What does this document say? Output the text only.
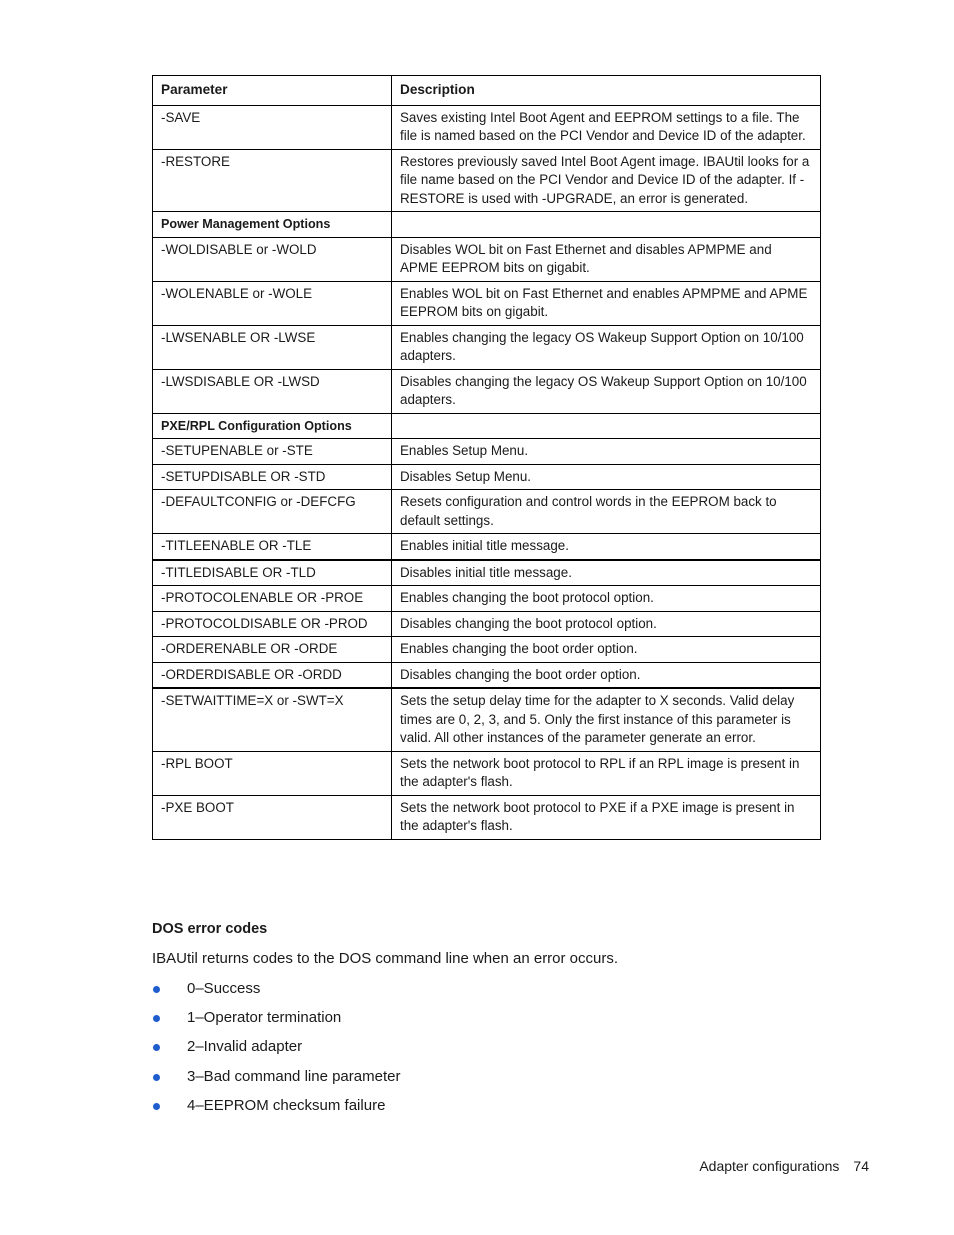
Parameter	Description
-SAVE	Saves existing Intel Boot Agent and EEPROM settings to a file. The file is named based on the PCI Vendor and Device ID of the adapter.
-RESTORE	Restores previously saved Intel Boot Agent image. IBAUtil looks for a file name based on the PCI Vendor and Device ID of the adapter. If -RESTORE is used with -UPGRADE, an error is generated.
Power Management Options	
-WOLDISABLE or -WOLD	Disables WOL bit on Fast Ethernet and disables APMPME and APME EEPROM bits on gigabit.
-WOLENABLE or -WOLE	Enables WOL bit on Fast Ethernet and enables APMPME and APME EEPROM bits on gigabit.
-LWSENABLE OR -LWSE	Enables changing the legacy OS Wakeup Support Option on 10/100 adapters.
-LWSDISABLE OR -LWSD	Disables changing the legacy OS Wakeup Support Option on 10/100 adapters.
PXE/RPL Configuration Options	
-SETUPENABLE or -STE	Enables Setup Menu.
-SETUPDISABLE OR -STD	Disables Setup Menu.
-DEFAULTCONFIG or -DEFCFG	Resets configuration and control words in the EEPROM back to default settings.
-TITLEENABLE OR -TLE	Enables initial title message.
-TITLEDISABLE OR -TLD	Disables initial title message.
-PROTOCOLENABLE OR -PROE	Enables changing the boot protocol option.
-PROTOCOLDISABLE OR -PROD	Disables changing the boot protocol option.
-ORDERENABLE OR -ORDE	Enables changing the boot order option.
-ORDERDISABLE OR -ORDD	Disables changing the boot order option.
-SETWAITTIME=X or -SWT=X	Sets the setup delay time for the adapter to X seconds. Valid delay times are 0, 2, 3, and 5. Only the first instance of this parameter is valid. All other instances of the parameter generate an error.
-RPL BOOT	Sets the network boot protocol to RPL if an RPL image is present in the adapter's flash.
-PXE BOOT	Sets the network boot protocol to PXE if a PXE image is present in the adapter's flash.
DOS error codes

IBAUtil returns codes to the DOS command line when an error occurs.

0–Success
1–Operator termination
2–Invalid adapter
3–Bad command line parameter
4–EEPROM checksum failure
Adapter configurations 74
